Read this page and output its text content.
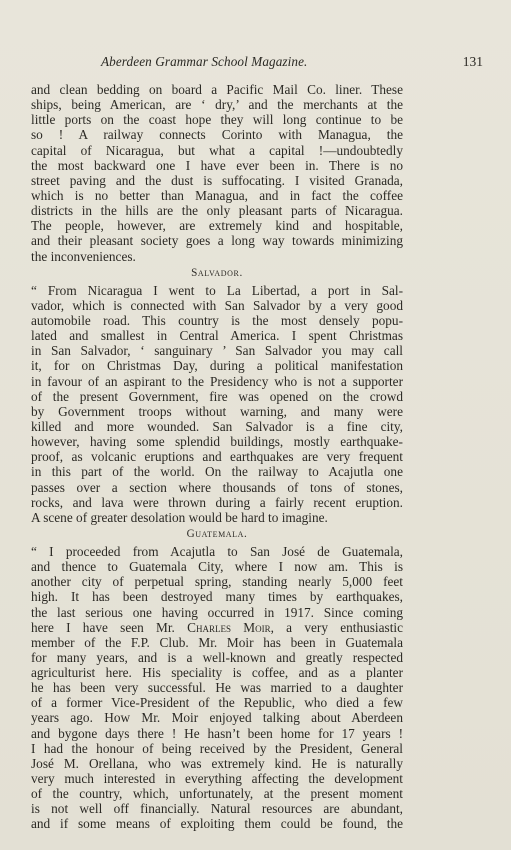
Aberdeen Grammar School Magazine.	131
and clean bedding on board a Pacific Mail Co. liner. These
ships, being American, are ‘ dry,’ and the merchants at the
little ports on the coast hope they will long continue to be
so ! A railway connects Corinto with Managua, the
capital of Nicaragua, but what a capital !—undoubtedly
the most backward one I have ever been in. There is no
street paving and the dust is suffocating. I visited Granada,
which is no better than Managua, and in fact the coffee
districts in the hills are the only pleasant parts of Nicaragua.
The people, however, are extremely kind and hospitable,
and their pleasant society goes a long way towards minimizing
the inconveniences.
Salvador.
“ From Nicaragua I went to La Libertad, a port in Sal-
vador, which is connected with San Salvador by a very good
automobile road. This country is the most densely popu-
lated and smallest in Central America. I spent Christmas
in San Salvador, ‘ sanguinary ’ San Salvador you may call
it, for on Christmas Day, during a political manifestation
in favour of an aspirant to the Presidency who is not a supporter
of the present Government, fire was opened on the crowd
by Government troops without warning, and many were
killed and more wounded. San Salvador is a fine city,
however, having some splendid buildings, mostly earthquake-
proof, as volcanic eruptions and earthquakes are very frequent
in this part of the world. On the railway to Acajutla one
passes over a section where thousands of tons of stones,
rocks, and lava were thrown during a fairly recent eruption.
A scene of greater desolation would be hard to imagine.
Guatemala.
“ I proceeded from Acajutla to San José de Guatemala,
and thence to Guatemala City, where I now am. This is
another city of perpetual spring, standing nearly 5,000 feet
high. It has been destroyed many times by earthquakes,
the last serious one having occurred in 1917. Since coming
here I have seen Mr. Charles Moir, a very enthusiastic
member of the F.P. Club. Mr. Moir has been in Guatemala
for many years, and is a well-known and greatly respected
agriculturist here. His speciality is coffee, and as a planter
he has been very successful. He was married to a daughter
of a former Vice-President of the Republic, who died a few
years ago. How Mr. Moir enjoyed talking about Aberdeen
and bygone days there ! He hasn’t been home for 17 years !
I had the honour of being received by the President, General
José M. Orellana, who was extremely kind. He is naturally
very much interested in everything affecting the development
of the country, which, unfortunately, at the present moment
is not well off financially. Natural resources are abundant,
and if some means of exploiting them could be found, the
